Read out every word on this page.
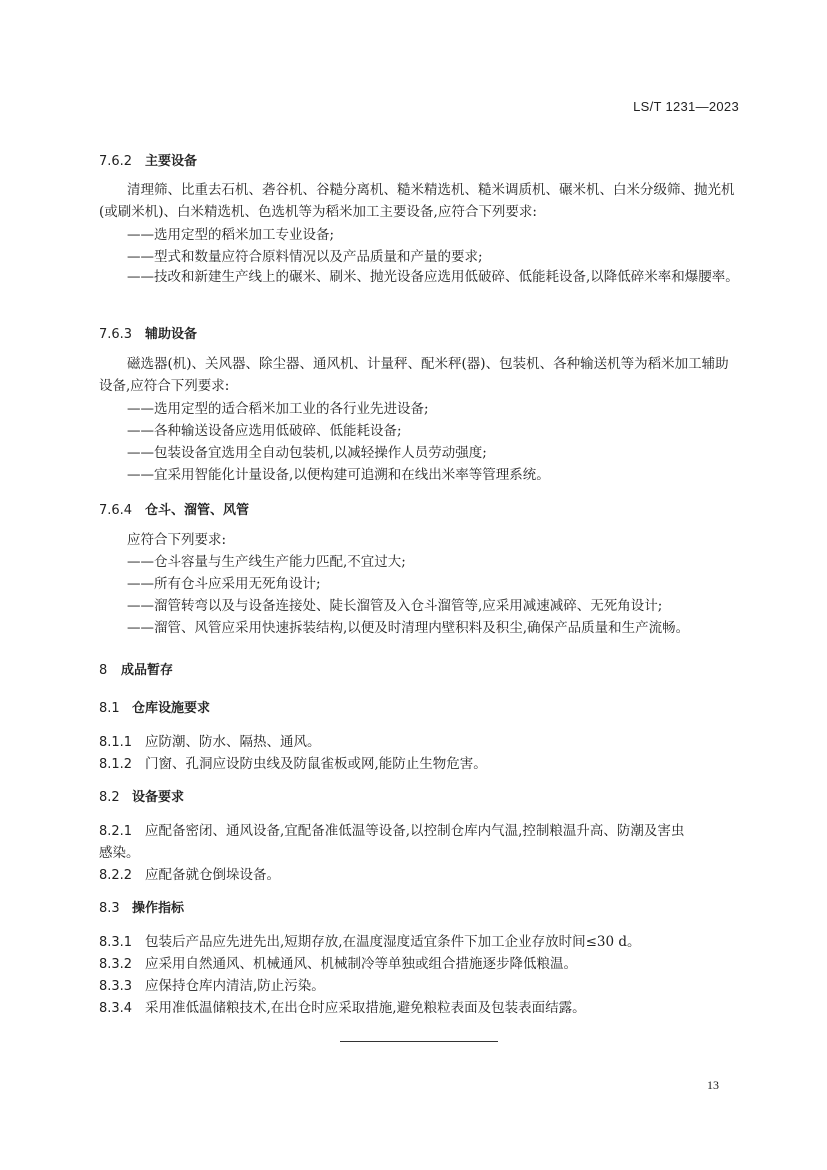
LS/T 1231—2023
7.6.2 主要设备
清理筛、比重去石机、砻谷机、谷糙分离机、糙米精选机、糙米调质机、碾米机、白米分级筛、抛光机(或刷米机)、白米精选机、色选机等为稻米加工主要设备,应符合下列要求:
——选用定型的稻米加工专业设备;
——型式和数量应符合原料情况以及产品质量和产量的要求;
——技改和新建生产线上的碾米、刷米、抛光设备应选用低破碎、低能耗设备,以降低碎米率和爆腰率。
7.6.3 辅助设备
磁选器(机)、关风器、除尘器、通风机、计量秤、配米秤(器)、包装机、各种输送机等为稻米加工辅助设备,应符合下列要求:
——选用定型的适合稻米加工业的各行业先进设备;
——各种输送设备应选用低破碎、低能耗设备;
——包装设备宜选用全自动包装机,以减轻操作人员劳动强度;
——宜采用智能化计量设备,以便构建可追溯和在线出米率等管理系统。
7.6.4 仓斗、溜管、风管
应符合下列要求:
——仓斗容量与生产线生产能力匹配,不宜过大;
——所有仓斗应采用无死角设计;
——溜管转弯以及与设备连接处、陡长溜管及入仓斗溜管等,应采用减速减碎、无死角设计;
——溜管、风管应采用快速拆装结构,以便及时清理内壁积料及积尘,确保产品质量和生产流畅。
8 成品暂存
8.1 仓库设施要求
8.1.1 应防潮、防水、隔热、通风。
8.1.2 门窗、孔洞应设防虫线及防鼠雀板或网,能防止生物危害。
8.2 设备要求
8.2.1 应配备密闭、通风设备,宜配备准低温等设备,以控制仓库内气温,控制粮温升高、防潮及害虫
感染。
8.2.2 应配备就仓倒垛设备。
8.3 操作指标
8.3.1 包装后产品应先进先出,短期存放,在温度湿度适宜条件下加工企业存放时间≤30 d。
8.3.2 应采用自然通风、机械通风、机械制冷等单独或组合措施逐步降低粮温。
8.3.3 应保持仓库内清洁,防止污染。
8.3.4 采用准低温储粮技术,在出仓时应采取措施,避免粮粒表面及包装表面结露。
13
